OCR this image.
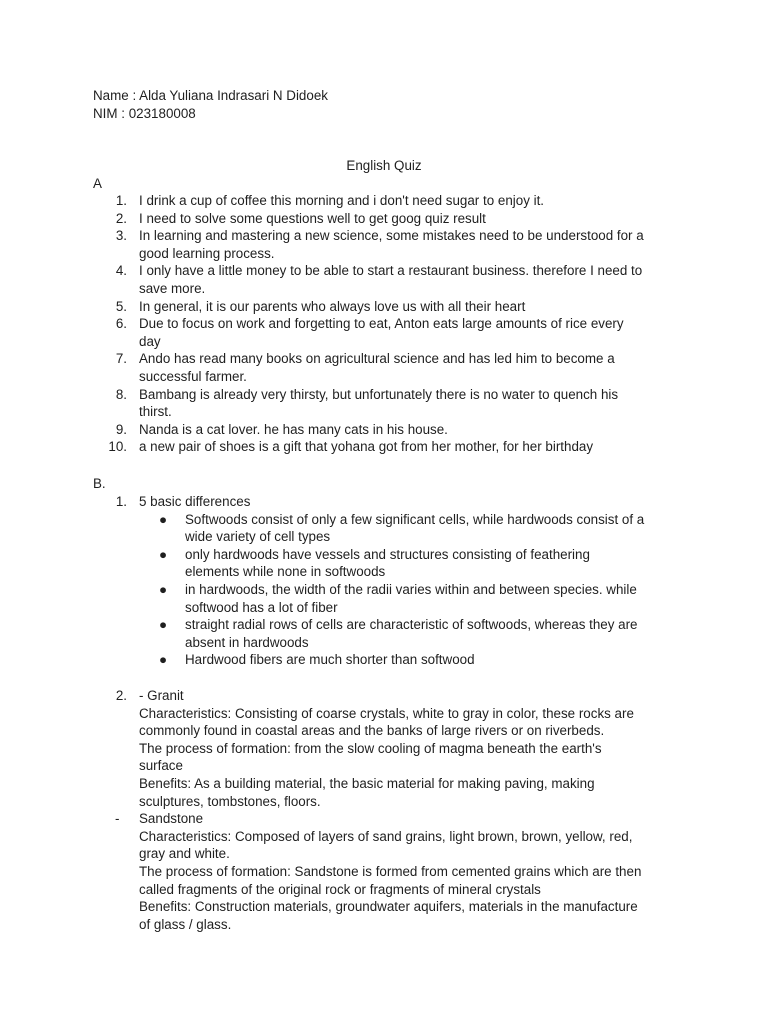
Name : Alda Yuliana Indrasari N Didoek
NIM : 023180008
English Quiz
A
1. I drink a cup of coffee this morning and i don't need sugar to enjoy it.
2. I need to solve some questions well to get goog quiz result
3. In learning and mastering a new science, some mistakes need to be understood for a
good learning process.
4. I only have a little money to be able to start a restaurant business. therefore I need to
save more.
5. In general, it is our parents who always love us with all their heart
6. Due to focus on work and forgetting to eat, Anton eats large amounts of rice every
day
7. Ando has read many books on agricultural science and has led him to become a
successful farmer.
8. Bambang is already very thirsty, but unfortunately there is no water to quench his
thirst.
9. Nanda is a cat lover. he has many cats in his house.
10. a new pair of shoes is a gift that yohana got from her mother, for her birthday
B.
1. 5 basic differences
● Softwoods consist of only a few significant cells, while hardwoods consist of a
wide variety of cell types
● only hardwoods have vessels and structures consisting of feathering
elements while none in softwoods
● in hardwoods, the width of the radii varies within and between species. while
softwood has a lot of fiber
● straight radial rows of cells are characteristic of softwoods, whereas they are
absent in hardwoods
● Hardwood fibers are much shorter than softwood
2. - Granit
Characteristics: Consisting of coarse crystals, white to gray in color, these rocks are
commonly found in coastal areas and the banks of large rivers or on riverbeds.
The process of formation: from the slow cooling of magma beneath the earth's
surface
Benefits: As a building material, the basic material for making paving, making
sculptures, tombstones, floors.
-	Sandstone
Characteristics: Composed of layers of sand grains, light brown, brown, yellow, red,
gray and white.
The process of formation: Sandstone is formed from cemented grains which are then
called fragments of the original rock or fragments of mineral crystals
Benefits: Construction materials, groundwater aquifers, materials in the manufacture
of glass / glass.
